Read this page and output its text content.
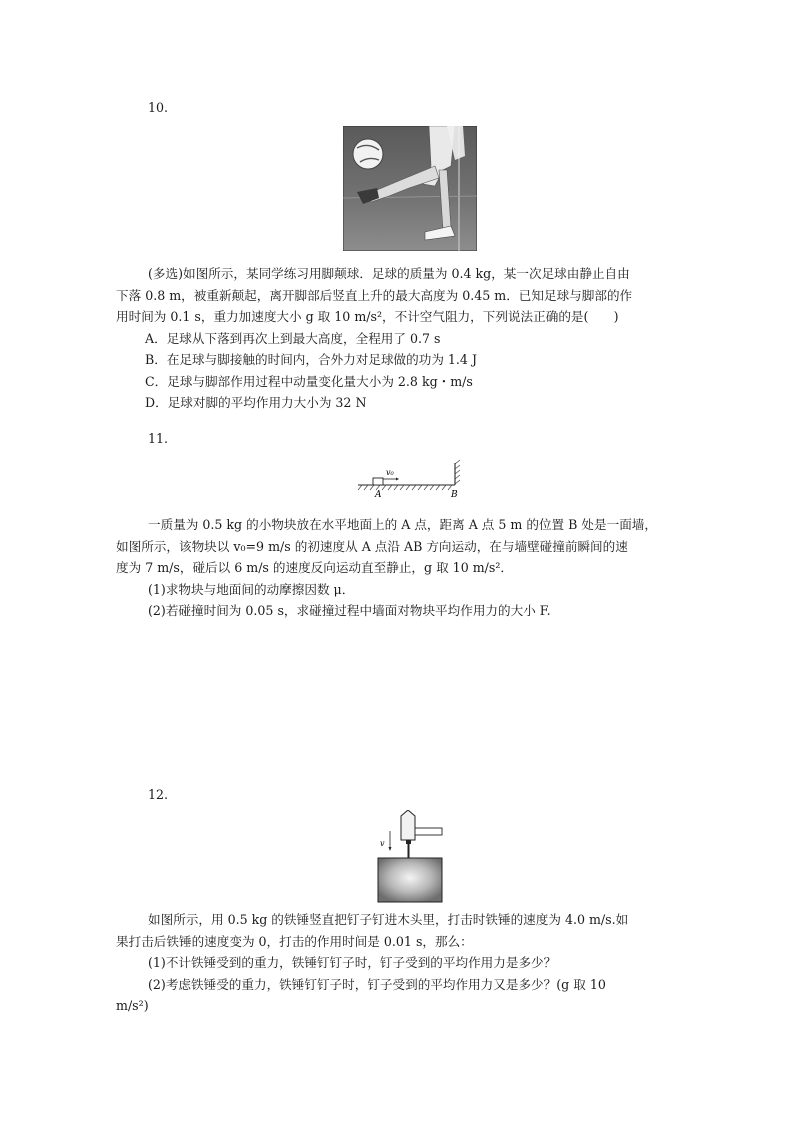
10.
(多选)如图所示，某同学练习用脚颠球．足球的质量为 0.4 kg，某一次足球由静止自由
下落 0.8 m，被重新颠起，离开脚部后竖直上升的最大高度为 0.45 m．已知足球与脚部的作
用时间为 0.1 s，重力加速度大小 g 取 10 m/s²，不计空气阻力，下列说法正确的是(　　)
A．足球从下落到再次上到最大高度，全程用了 0.7 s
B．在足球与脚接触的时间内，合外力对足球做的功为 1.4 J
C．足球与脚部作用过程中动量变化量大小为 2.8 kg・m/s
D．足球对脚的平均作用力大小为 32 N
11.
v₀
A	B
一质量为 0.5 kg 的小物块放在水平地面上的 A 点，距离 A 点 5 m 的位置 B 处是一面墙，
如图所示，该物块以 v₀=9 m/s 的初速度从 A 点沿 AB 方向运动，在与墙壁碰撞前瞬间的速
度为 7 m/s，碰后以 6 m/s 的速度反向运动直至静止，g 取 10 m/s²．
(1)求物块与地面间的动摩擦因数 μ．
(2)若碰撞时间为 0.05 s，求碰撞过程中墙面对物块平均作用力的大小 F.
12.
v
如图所示，用 0.5 kg 的铁锤竖直把钉子钉进木头里，打击时铁锤的速度为 4.0 m/s.如
果打击后铁锤的速度变为 0，打击的作用时间是 0.01 s，那么：
(1)不计铁锤受到的重力，铁锤钉钉子时，钉子受到的平均作用力是多少？
(2)考虑铁锤受的重力，铁锤钉钉子时，钉子受到的平均作用力又是多少？(g 取 10
m/s²)
